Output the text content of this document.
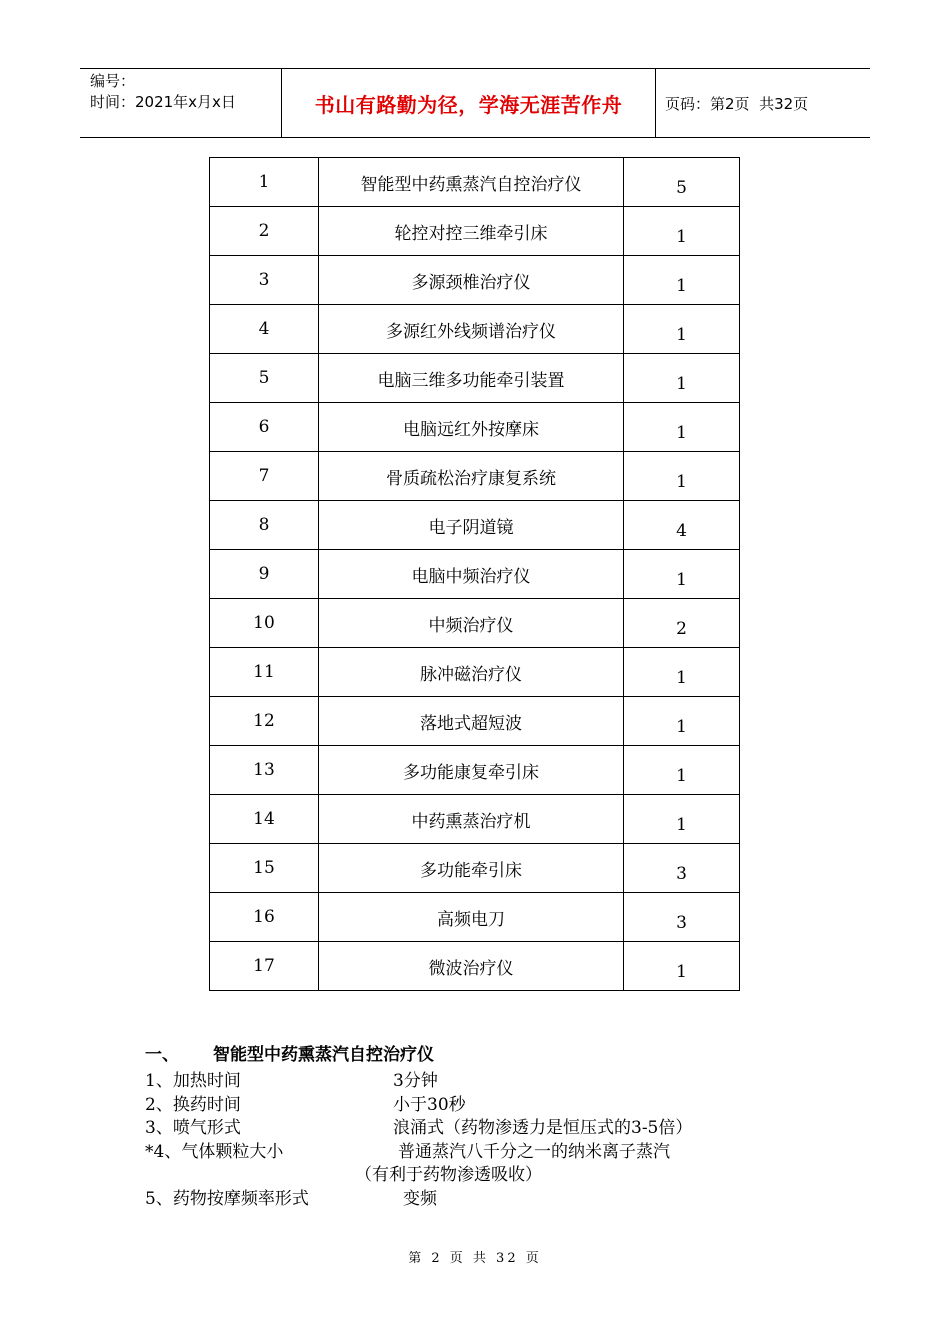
编号：
时间：2021年x月x日	书山有路勤为径，学海无涯苦作舟	页码：第2页  共32页
1	智能型中药熏蒸汽自控治疗仪	5
2	轮控对控三维牵引床	1
3	多源颈椎治疗仪	1
4	多源红外线频谱治疗仪	1
5	电脑三维多功能牵引装置	1
6	电脑远红外按摩床	1
7	骨质疏松治疗康复系统	1
8	电子阴道镜	4
9	电脑中频治疗仪	1
10	中频治疗仪	2
11	脉冲磁治疗仪	1
12	落地式超短波	1
13	多功能康复牵引床	1
14	中药熏蒸治疗机	1
15	多功能牵引床	3
16	高频电刀	3
17	微波治疗仪	1
一、 智能型中药熏蒸汽自控治疗仪
1、加热时间	3分钟
2、换药时间	小于30秒
3、喷气形式	浪涌式（药物渗透力是恒压式的3-5倍）
*4、气体颗粒大小	普通蒸汽八千分之一的纳米离子蒸汽
（有利于药物渗透吸收）
5、药物按摩频率形式	变频
第 2 页 共 32 页
